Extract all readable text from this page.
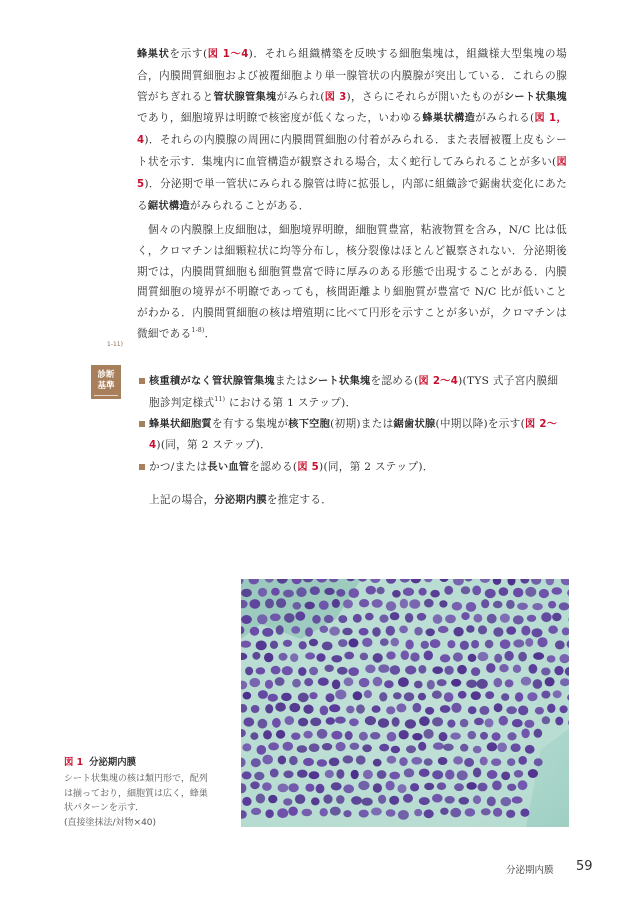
蜂巣状を示す(図 1〜4)．それら組織構築を反映する細胞集塊は，組織様大型集塊の場合，内膜間質細胞および被覆細胞より単一腺管状の内膜腺が突出している．これらの腺管がちぎれると管状腺管集塊がみられ(図 3)，さらにそれらが開いたものがシート状集塊であり，細胞境界は明瞭で核密度が低くなった，いわゆる蜂巣状構造がみられる(図 1，4)．それらの内膜腺の周囲に内膜間質細胞の付着がみられる．また表層被覆上皮もシート状を示す．集塊内に血管構造が観察される場合，太く蛇行してみられることが多い(図 5)．分泌期で単一管状にみられる腺管は時に拡張し，内部に組織診で鋸歯状変化にあたる鋸状構造がみられることがある．

個々の内膜腺上皮細胞は，細胞境界明瞭，細胞質豊富，粘液物質を含み，N/C 比は低く，クロマチンは細顆粒状に均等分布し，核分裂像はほとんど観察されない．分泌期後期では，内膜間質細胞も細胞質豊富で時に厚みのある形態で出現することがある．内膜間質細胞の境界が不明瞭であっても，核間距離より細胞質が豊富で N/C 比が低いことがわかる．内膜間質細胞の核は増殖期に比べて円形を示すことが多いが，クロマチンは微細である$^{1-8)}$．

1-11)
診断
基準	核重積がなく管状腺管集塊またはシート状集塊を認める(図 2〜4)(TYS 式子宮内膜細胞診判定様式$^{11)}$ における第 1 ステップ)．

蜂巣状細胞質を有する集塊が核下空胞(初期)または鋸歯状腺(中期以降)を示す(図 2〜4)(同，第 2 ステップ)．

かつ/または長い血管を認める(図 5)(同，第 2 ステップ)．

上記の場合，分泌期内膜を推定する．

図 1 分泌期内膜
シート状集塊の核は類円形で，配列
は揃っており，細胞質は広く，蜂巣
状パターンを示す．
(直接塗抹法/対物×40)
分泌期内膜 59
